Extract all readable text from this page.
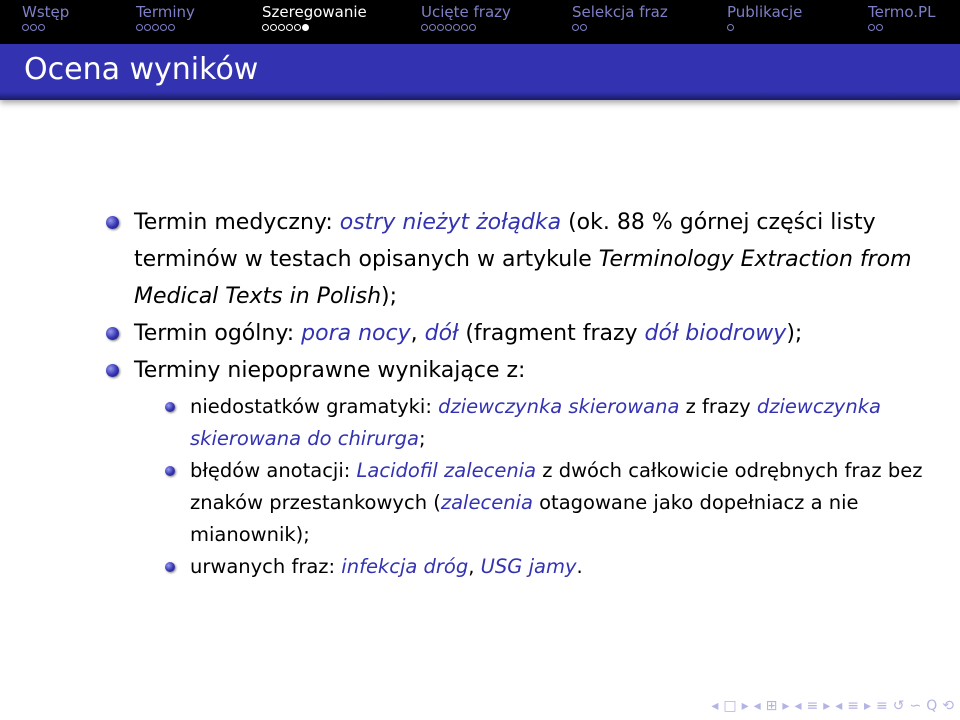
Wstęp	Terminy	Szeregowanie	Ucięte frazy	Selekcja fraz	Publikacje	Termo.PL
Ocena wyników
Termin medyczny: ostry nieżyt żołądka (ok. 88 % górnej części listy terminów w testach opisanych w artykule Terminology Extraction from Medical Texts in Polish);
Termin ogólny: pora nocy, dół (fragment frazy dół biodrowy);
Terminy niepoprawne wynikające z:
niedostatków gramatyki: dziewczynka skierowana z frazy dziewczynka skierowana do chirurga;
błędów anotacji: Lacidofil zalecenia z dwóch całkowicie odrębnych fraz bez znaków przestankowych (zalecenia otagowane jako dopełniacz a nie mianownik);
urwanych fraz: infekcja dróg, USG jamy.
◂ □ ▸ ◂ ⊞ ▸ ◂ ≡ ▸ ◂ ≡ ▸ ≡ ↺ ∽ Q ⟲
